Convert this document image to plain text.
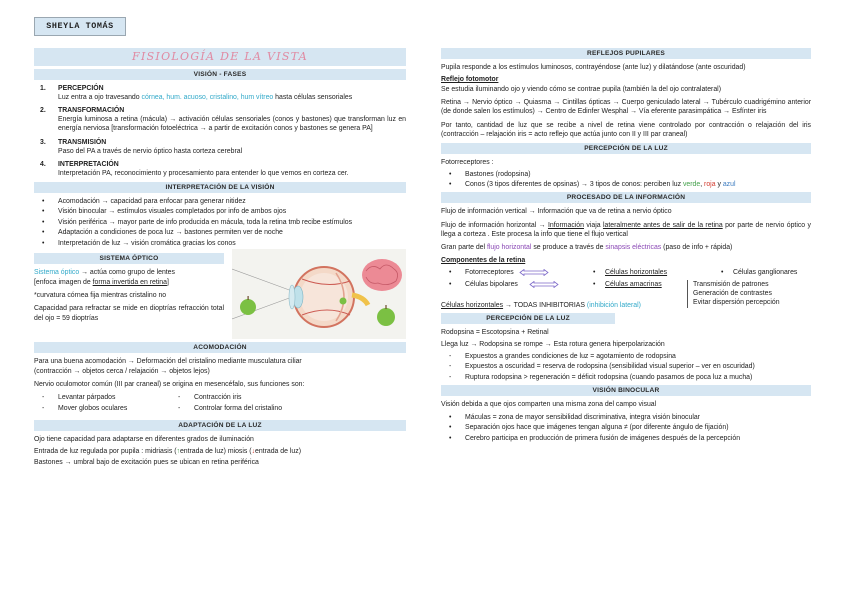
SHEYLA TOMÁS
FISIOLOGÍA DE LA VISTA
VISIÓN - FASES
1.	PERCEPCIÓN
Luz entra a ojo travesando córnea, hum. acuoso, cristalino, hum vítreo hasta células sensoriales
2.	TRANSFORMACIÓN
Energía luminosa a retina (mácula) → activación células sensoriales (conos y bastones) que transforman luz en energía nerviosa [transformación fotoeléctrica → a partir de excitación conos y bastones se genera PA]
3.	TRANSMISIÓN
Paso del PA a través de nervio óptico hasta corteza cerebral
4.	INTERPRETACIÓN
Interpretación PA, reconocimiento y procesamiento para entender lo que vemos en corteza cer.
INTERPRETACIÓN DE LA VISIÓN
• Acomodación → capacidad para enfocar para generar nitidez
• Visión binocular → estímulos visuales completados por info de ambos ojos
• Visión periférica → mayor parte de info producida en mácula, toda la retina tmb recibe estímulos
• Adaptación a condiciones de poca luz → bastones permiten ver de noche
• Interpretación de luz → visión cromática gracias los conos
SISTEMA ÓPTICO

Sistema óptico → actúa como grupo de lentes

[enfoca imagen de forma invertida en retina]

*curvatura córnea fija mientras cristalino no

Capacidad para refractar se mide en dioptrías refracción total del ojo = 59 dioptrías

ACOMODACIÓN

Para una buena acomodación → Deformación del cristalino mediante musculatura ciliar

(contracción → objetos cerca / relajación → objetos lejos)

Nervio oculomotor común (III par craneal) se origina en mesencéfalo, sus funciones son:

- Levantar párpados
- Mover globos oculares
- Contracción iris
- Controlar forma del cristalino
ADAPTACIÓN DE LA LUZ

Ojo tiene capacidad para adaptarse en diferentes grados de iluminación

Entrada de luz regulada por pupila : midriasis (↑entrada de luz) miosis (↓entrada de luz)

Bastones → umbral bajo de excitación pues se ubican en retina periférica

REFLEJOS PUPILARES

Pupila responde a los estímulos luminosos, contrayéndose (ante luz) y dilatándose (ante oscuridad)

Reflejo fotomotor

Se estudia iluminando ojo y viendo cómo se contrae pupila (también la del ojo contralateral)

Retina → Nervio óptico → Quiasma → Cintillas ópticas → Cuerpo geniculado lateral → Tubérculo cuadrigémino anterior (de donde salen los estímulos) → Centro de Edinfer Wesphal → Vía eferente parasimpática → Esfínter iris

Por tanto, cantidad de luz que se recibe a nivel de retina viene controlado por contracción o relajación del iris (contracción – relajación iris = acto reflejo que actúa junto con II y III par craneal)

PERCEPCIÓN DE LA LUZ

Fotorreceptores :

• Bastones (rodopsina)
• Conos (3 tipos diferentes de opsinas) → 3 tipos de conos: perciben luz verde, roja y azul
PROCESADO DE LA INFORMACIÓN

Flujo de información vertical → Información que va de retina a nervio óptico

Flujo de información horizontal → Información viaja lateralmente antes de salir de la retina por parte de nervio óptico y llega a corteza . Este procesa la info que tiene el flujo vertical

Gran parte del flujo horizontal se produce a través de sinapsis eléctricas (paso de info + rápida)

Componentes de la retina

•	Fotorreceptores	•	Células horizontales	•	Células ganglionares
•	Células bipolares	•	Células amacrinas
Células horizontales → TODAS INHIBITORIAS (inhibición lateral)
Transmisión de patrones
Generación de contrastes
Evitar dispersión percepción
PERCEPCIÓN DE LA LUZ

Rodopsina = Escotopsina + Retinal

Llega luz → Rodopsina se rompe → Esta rotura genera hiperpolarización

- Expuestos a grandes condiciones de luz = agotamiento de rodopsina
- Expuestos a oscuridad = reserva de rodopsina (sensibilidad visual superior – ver en oscuridad)
- Ruptura rodopsina > regeneración = déficit rodopsina (cuando pasamos de poca luz a mucha)
VISIÓN BINOCULAR

Visión debida a que ojos comparten una misma zona del campo visual

• Máculas = zona de mayor sensibilidad discriminativa, integra visión binocular
• Separación ojos hace que imágenes tengan alguna ≠ (por diferente ángulo de fijación)
• Cerebro participa en producción de primera fusión de imágenes después de la percepción
